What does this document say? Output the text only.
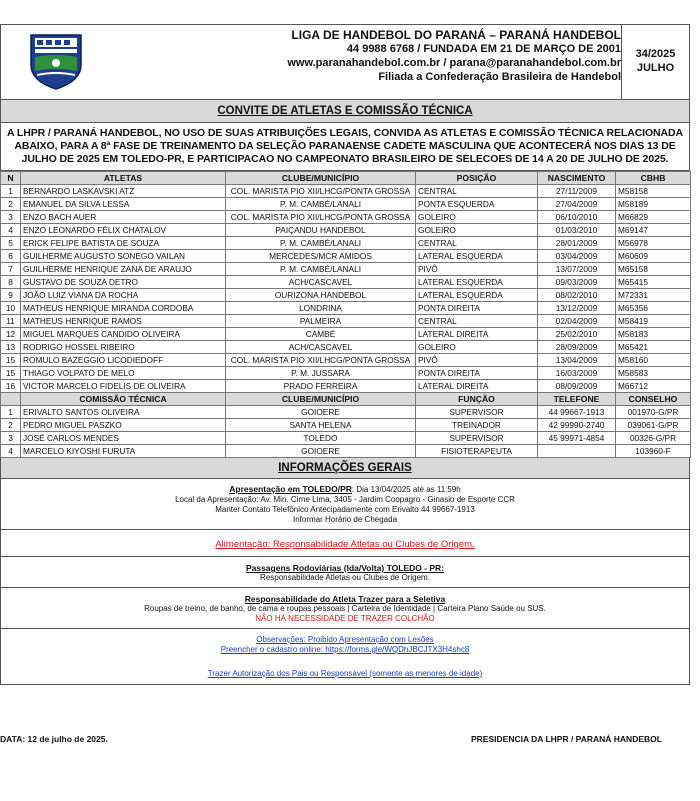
LIGA DE HANDEBOL DO PARANÁ – PARANÁ HANDEBOL
44 9988 6768 / FUNDADA EM 21 DE MARÇO DE 2001
www.paranahandebol.com.br / parana@paranahandebol.com.br
Filiada a Confederação Brasileira de Handebol
34/2025
JULHO
CONVITE DE ATLETAS E COMISSÃO TÉCNICA
A LHPR / PARANÁ HANDEBOL, NO USO DE SUAS ATRIBUIÇÕES LEGAIS, CONVIDA AS ATLETAS E COMISSÃO TÉCNICA RELACIONADA ABAIXO, PARA A 8ª FASE DE TREINAMENTO DA SELEÇÃO PARANAENSE CADETE MASCULINA QUE ACONTECERÁ NOS DIAS 13 DE JULHO DE 2025 EM TOLEDO-PR, E PARTICIPACAO NO CAMPEONATO BRASILEIRO DE SELECOES DE 14 A 20 DE JULHO DE 2025.
N	ATLETAS	CLUBE/MUNICÍPIO	POSIÇÃO	NASCIMENTO	CBHB
1	BERNARDO LASKAVSKI ATZ	COL. MARISTA PIO XII/LHCG/PONTA GROSSA	CENTRAL	27/11/2009	M58158
2	EMANUEL DA SILVA LESSA	P. M. CAMBÉ/LANALI	PONTA ESQUERDA	27/04/2009	M58189
3	ENZO BACH AUER	COL. MARISTA PIO XII/LHCG/PONTA GROSSA	GOLEIRO	06/10/2010	M66829
4	ENZO LEONARDO FÉLIX CHATALOV	PAIÇANDU HANDEBOL	GOLEIRO	01/03/2010	M69147
5	ERICK FELIPE BATISTA DE SOUZA	P. M. CAMBÉ/LANALI	CENTRAL	28/01/2009	M56978
6	GUILHERME AUGUSTO SONEGO VAILAN	MERCEDES/MCR AMIDOS	LATERAL ESQUERDA	03/04/2009	M60609
7	GUILHERME HENRIQUE ZANA DE ARAUJO	P. M. CAMBÉ/LANALI	PIVÔ	13/07/2009	M65158
8	GUSTAVO DE SOUZA DETRO	ACH/CASCAVEL	LATERAL ESQUERDA	09/03/2009	M65415
9	JOÃO LUIZ VIANA DA ROCHA	OURIZONA HANDEBOL	LATERAL ESQUERDA	08/02/2010	M72331
10	MATHEUS HENRIQUE MIRANDA CORDOBA	LONDRINA	PONTA DIREITA	13/12/2009	M65356
11	MATHEUS HENRIQUE RAMOS	PALMEIRA	CENTRAL	02/04/2009	M58419
12	MIGUEL MARQUES CANDIDO OLIVEIRA	CAMBÉ	LATERAL DIREITA	25/02/2010	M58183
13	RODRIGO HOSSEL RIBEIRO	ACH/CASCAVEL	GOLEIRO	28/09/2009	M65421
15	ROMULO BAZEGGIO LICODIEDOFF	COL. MARISTA PIO XII/LHCG/PONTA GROSSA	PIVÔ	13/04/2009	M58160
15	THIAGO VOLPATO DE MELO	P. M. JUSSARA	PONTA DIREITA	16/03/2009	M58583
16	VICTOR MARCELO FIDELIS DE OLIVEIRA	PRADO FERREIRA	LATERAL DIREITA	08/09/2009	M66712
	COMISSÃO TÉCNICA	CLUBE/MUNICÍPIO	FUNÇÃO	TELEFONE	CONSELHO
1	ERIVALTO SANTOS OLIVEIRA	GOIOERE	SUPERVISOR	44 99667-1913	001970-G/PR
2	PEDRO MIGUEL PASZKO	SANTA HELENA	TREINADOR	42 99990-2740	039061-G/PR
3	JOSÉ CARLOS MENDES	TOLEDO	SUPERVISOR	45 99971-4854	00326-G/PR
4	MARCELO KIYOSHI FURUTA	GOIOERE	FISIOTERAPEUTA		103960-F
INFORMAÇÕES GERAIS
Apresentação em TOLEDO/PR: Dia 13/04/2025 até as 11:59h
Local da Apresentação: Av. Min. Cirne Lima, 3405 - Jardim Coopagro - Ginasio de Esporte CCR
Manter Contato Telefônico Antecipadamente com Erivalto 44 99667-1913
Informar Horário de Chegada
Alimentação: Responsabilidade Atletas ou Clubes de Origem.
Passagens Rodoviárias (Ida/Volta) TOLEDO - PR:
Responsabilidade Atletas ou Clubes de Origem.
Responsabilidade do Atleta Trazer para a Seletiva
Roupas de treino, de banho, de cama e roupas pessoais | Carteira de Identidade | Carteira Plano Saúde ou SUS.
NÃO HÁ NECESSIDADE DE TRAZER COLCHÃO
Observações: Proibido Apresentação com Lesões
Preencher o cadastro online: https://forms.gle/WQDhJBCJTX3H4shc8
Trazer Autorização dos Pais ou Responsável (somente as menores de idade)
DATA: 12 de julho de 2025.	PRESIDENCIA DA LHPR / PARANÁ HANDEBOL
